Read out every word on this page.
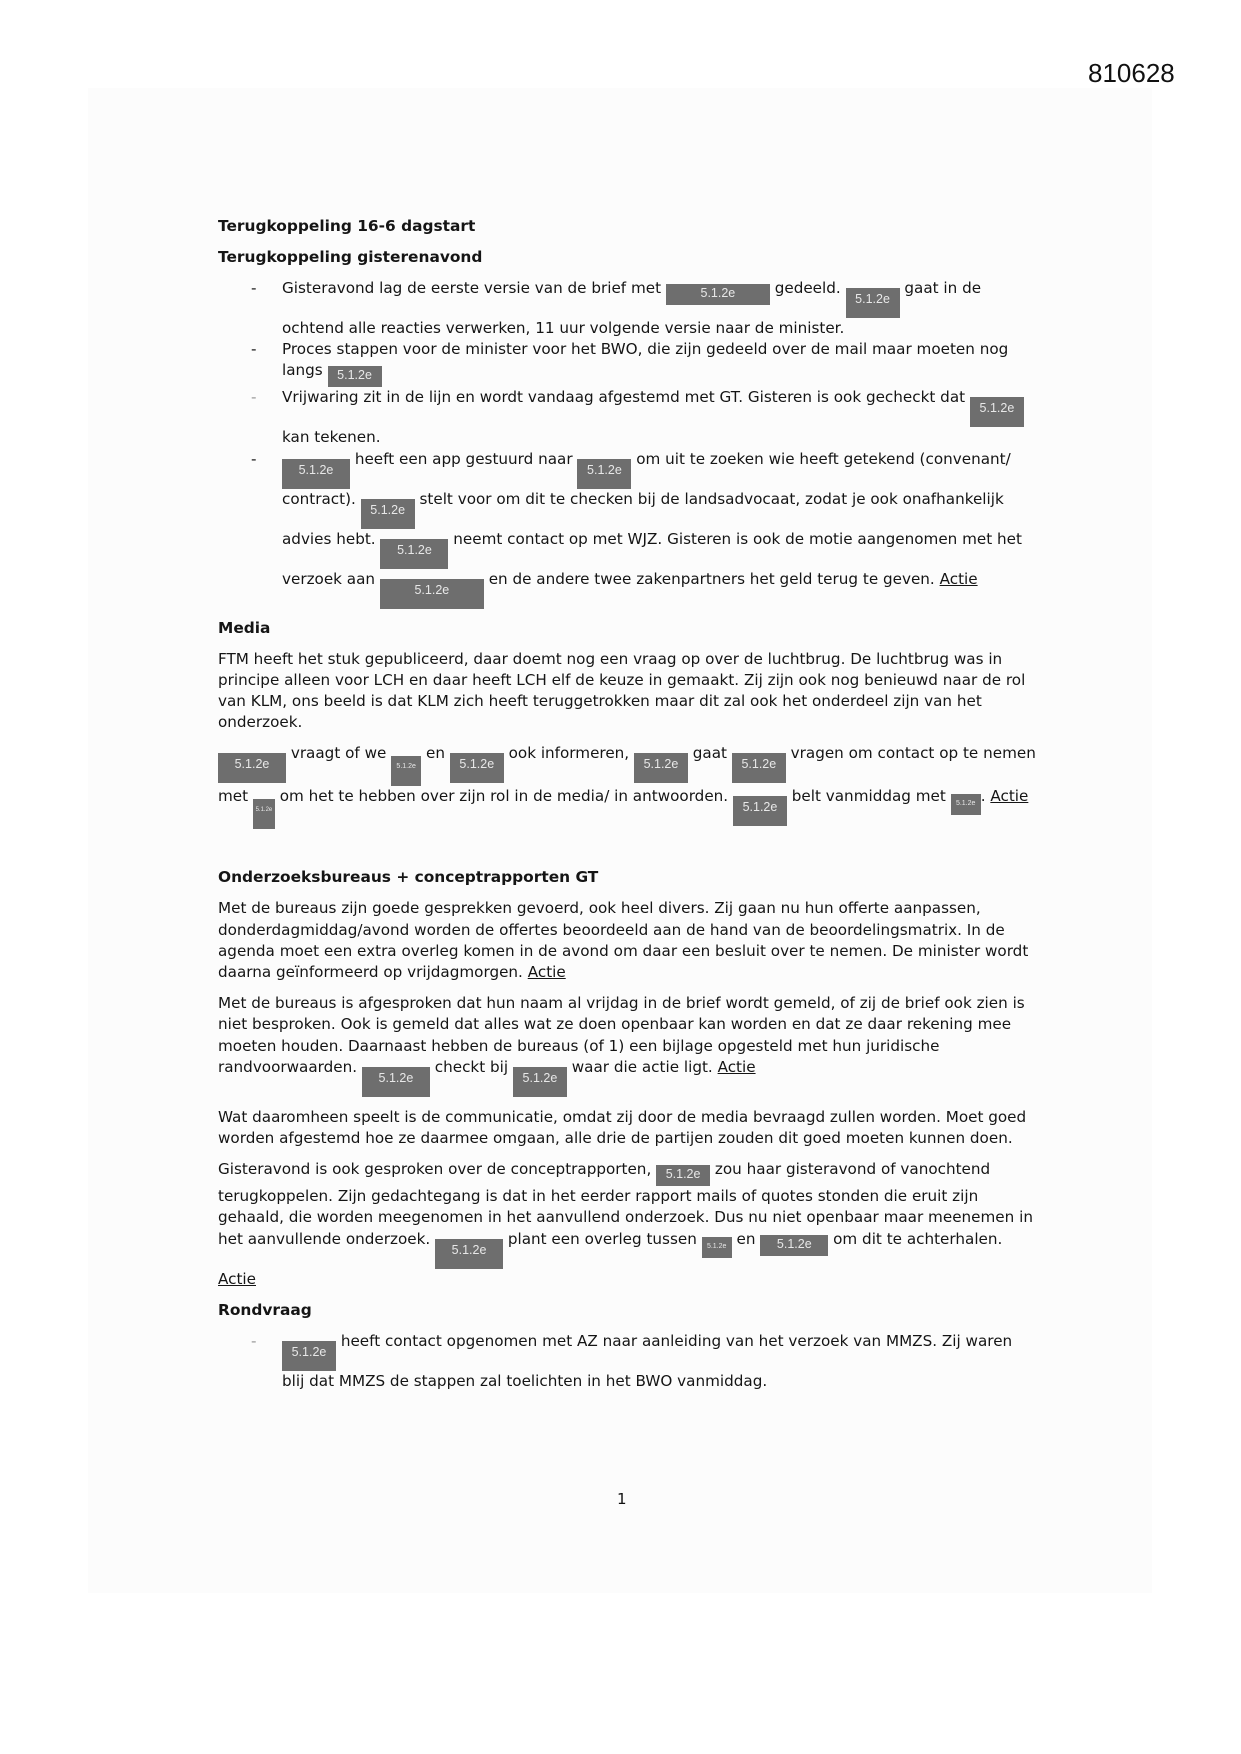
810628
Terugkoppeling 16-6 dagstart
Terugkoppeling gisterenavond
- Gisteravond lag de eerste versie van de brief met	5.1.2e gedeeld. 5.1.2e gaat in de ochtend alle reacties verwerken, 11 uur volgende versie naar de minister.
- Proces stappen voor de minister voor het BWO, die zijn gedeeld over de mail maar moeten nog langs 5.1.2e
- Vrijwaring zit in de lijn en wordt vandaag afgestemd met GT. Gisteren is ook gecheckt dat 5.1.2e kan tekenen.
-
5.1.2e heeft een app gestuurd naar 5.1.2e om uit te zoeken wie heeft getekend (convenant/ contract). 5.1.2e stelt voor om dit te checken bij de landsadvocaat, zodat je ook onafhankelijk advies hebt. 5.1.2e neemt contact op met WJZ. Gisteren is ook de motie aangenomen met het verzoek aan 5.1.2e en de andere twee zakenpartners het geld terug te geven. Actie
Media

FTM heeft het stuk gepubliceerd, daar doemt nog een vraag op over de luchtbrug. De luchtbrug was in principe alleen voor LCH en daar heeft LCH elf de keuze in gemaakt. Zij zijn ook nog benieuwd naar de rol van KLM, ons beeld is dat KLM zich heeft teruggetrokken maar dit zal ook het onderdeel zijn van het onderzoek.

5.1.2e vraagt of we 5.1.2e en 5.1.2e ook informeren, 5.1.2e gaat 5.1.2e vragen om contact op te nemen met 5.1.2e om het te hebben over zijn rol in de media/ in antwoorden. 5.1.2e belt vanmiddag met 5.1.2e . Actie

Onderzoeksbureaus + conceptrapporten GT

Met de bureaus zijn goede gesprekken gevoerd, ook heel divers. Zij gaan nu hun offerte aanpassen, donderdagmiddag/avond worden de offertes beoordeeld aan de hand van de beoordelingsmatrix. In de agenda moet een extra overleg komen in de avond om daar een besluit over te nemen. De minister wordt daarna geïnformeerd op vrijdagmorgen. Actie

Met de bureaus is afgesproken dat hun naam al vrijdag in de brief wordt gemeld, of zij de brief ook zien is niet besproken. Ook is gemeld dat alles wat ze doen openbaar kan worden en dat ze daar rekening mee moeten houden. Daarnaast hebben de bureaus (of 1) een bijlage opgesteld met hun juridische randvoorwaarden. 5.1.2e checkt bij 5.1.2e waar die actie ligt. Actie

Wat daaromheen speelt is de communicatie, omdat zij door de media bevraagd zullen worden. Moet goed worden afgestemd hoe ze daarmee omgaan, alle drie de partijen zouden dit goed moeten kunnen doen.

Gisteravond is ook gesproken over de conceptrapporten, 5.1.2e zou haar gisteravond of vanochtend terugkoppelen. Zijn gedachtegang is dat in het eerder rapport mails of quotes stonden die eruit zijn gehaald, die worden meegenomen in het aanvullend onderzoek. Dus nu niet openbaar maar meenemen in het aanvullende onderzoek. 5.1.2e plant een overleg tussen 5.1.2e en 5.1.2e om dit te achterhalen. Actie

Rondvraag
-
5.1.2e heeft contact opgenomen met AZ naar aanleiding van het verzoek van MMZS. Zij waren blij dat MMZS de stappen zal toelichten in het BWO vanmiddag.
1
